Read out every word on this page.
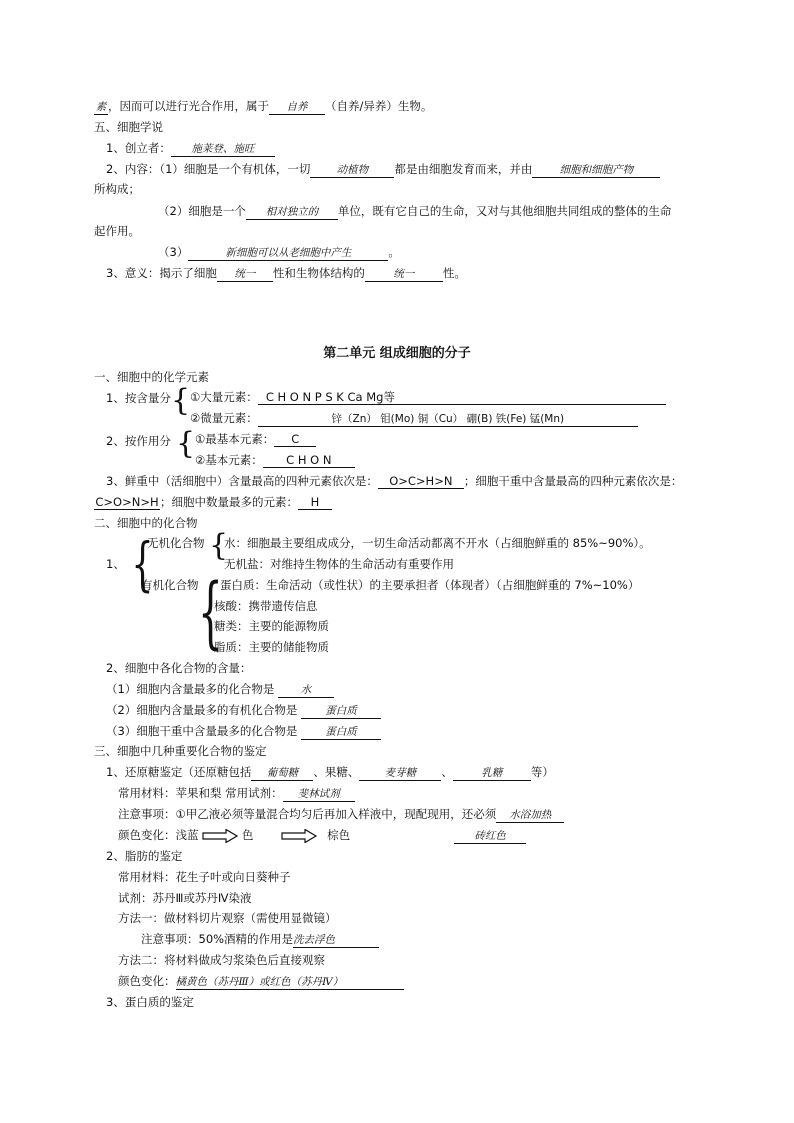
素 ，因而可以进行光合作用，属于 自养 （自养/异养）生物。
五、细胞学说
1、创立者： 施莱登、施旺
2、内容：（1）细胞是一个有机体，一切	动植物 都是由细胞发育而来，并由	细胞和细胞产物
所构成；
（2）细胞是一个 相对独立的 单位，既有它自己的生命，又对与其他细胞共同组成的整体的生命
起作用。
（3）	新细胞可以从老细胞中产生	。
3、意义：揭示了细胞 统一 性和生物体结构的	统一 性。
第二单元 组成细胞的分子
一、细胞中的化学元素
1、按含量分 { ①大量元素： C H O N P S K Ca Mg等
②微量元素：	锌（Zn） 钼(Mo) 铜（Cu） 硼(B) 铁(Fe) 锰(Mn)
2、按作用分 { ①最基本元素： C
②基本元素： C H O N
3、鲜重中（活细胞中）含量最高的四种元素依次是： O>C>H>N ；细胞干重中含量最高的四种元素依次是：
C>O>N>H；细胞中数量最多的元素： H
二、细胞中的化合物
1、 {
无机化合物 {
水：细胞最主要组成成分，一切生命活动都离不开水（占细胞鲜重的 85%~90%）。
无机盐：对维持生物体的生命活动有重要作用
有机化合物 {
蛋白质：生命活动（或性状）的主要承担者（体现者）（占细胞鲜重的 7%~10%）
核酸：携带遗传信息
糖类：主要的能源物质
脂质：主要的储能物质
2、细胞中各化合物的含量：
（1）细胞内含量最多的化合物是	水
（2）细胞内含量最多的有机化合物是	蛋白质
（3）细胞干重中含量最多的化合物是	蛋白质
三、细胞中几种重要化合物的鉴定
1、还原糖鉴定（还原糖包括 葡萄糖 、果糖、 麦芽糖 、	乳糖 等）
常用材料：苹果和梨 常用试剂： 斐林试剂
注意事项：①甲乙液必须等量混合均匀后再加入样液中，现配现用，还必须 水浴加热
颜色变化：浅蓝	色	棕色	砖红色
2、脂肪的鉴定
常用材料：花生子叶或向日葵种子
试剂：苏丹Ⅲ或苏丹Ⅳ染液
方法一：做材料切片观察（需使用显微镜）
注意事项：50%酒精的作用是洗去浮色
方法二：将材料做成匀浆染色后直接观察
颜色变化：橘黄色（苏丹Ⅲ）或红色（苏丹Ⅳ）
3、蛋白质的鉴定
